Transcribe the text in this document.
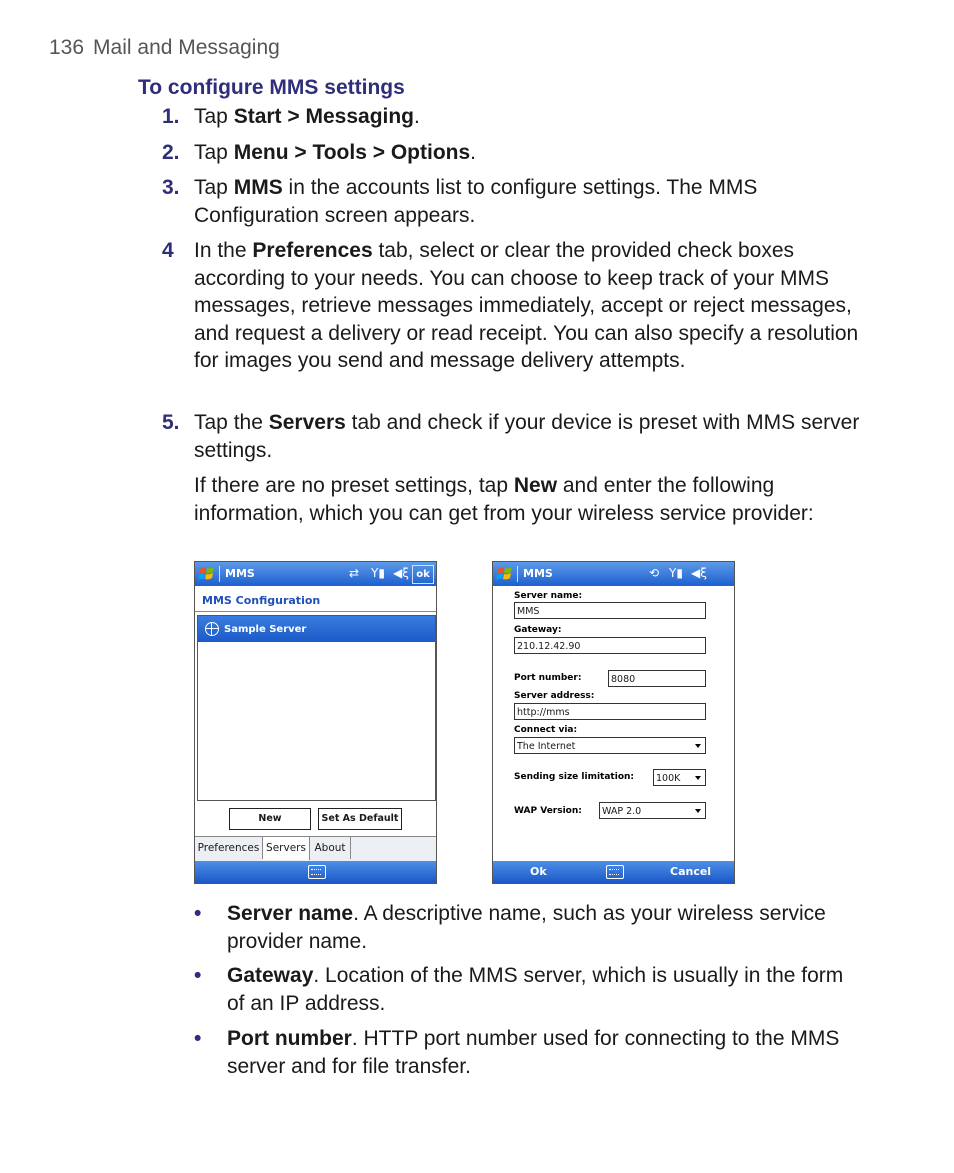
136 Mail and Messaging
To configure MMS settings
1. Tap Start > Messaging.
2. Tap Menu > Tools > Options.
3. Tap MMS in the accounts list to configure settings. The MMS Configuration screen appears.
4 In the Preferences tab, select or clear the provided check boxes according to your needs. You can choose to keep track of your MMS messages, retrieve messages immediately, accept or reject messages, and request a delivery or read receipt. You can also specify a resolution for images you send and message delivery attempts.
5. Tap the Servers tab and check if your device is preset with MMS server settings.
If there are no preset settings, tap New and enter the following information, which you can get from your wireless service provider:
MMS	⇄ Y▮ ◀ξ ok
MMS Configuration
Sample Server
New	Set As Default
Preferences Servers About
MMS	⟲ Y▮ ◀ξ
Server name:
MMS
Gateway:
210.12.42.90
Port number:	8080
Server address:
http://mms
Connect via:
The Internet
Sending size limitation:	100K
WAP Version:	WAP 2.0
Ok	Cancel
• Server name. A descriptive name, such as your wireless service provider name.
• Gateway. Location of the MMS server, which is usually in the form of an IP address.
• Port number. HTTP port number used for connecting to the MMS server and for file transfer.
